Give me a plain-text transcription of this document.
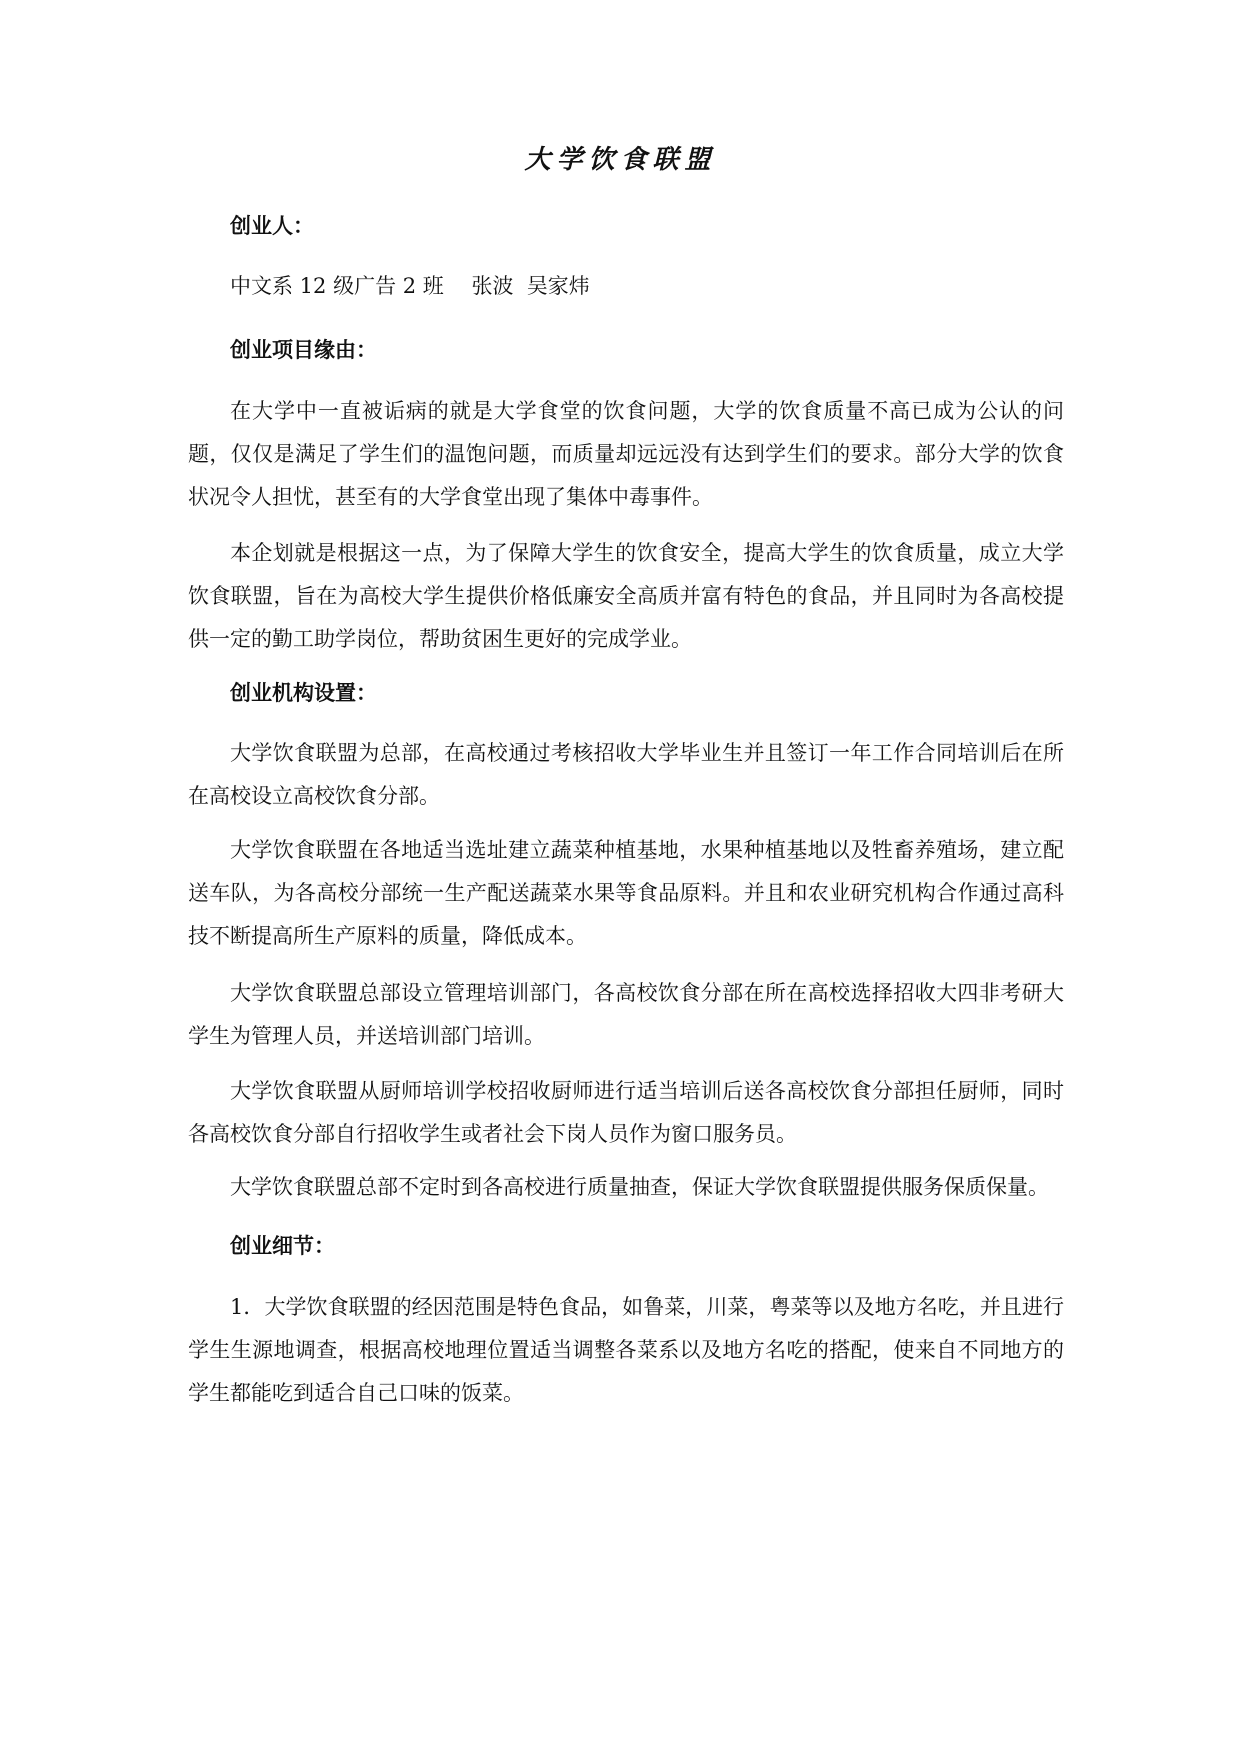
大学饮食联盟
创业人：
中文系 12 级广告 2 班　 张波  吴家炜
创业项目缘由：
在大学中一直被诟病的就是大学食堂的饮食问题，大学的饮食质量不高已成为公认的问题，仅仅是满足了学生们的温饱问题，而质量却远远没有达到学生们的要求。部分大学的饮食状况令人担忧，甚至有的大学食堂出现了集体中毒事件。
本企划就是根据这一点，为了保障大学生的饮食安全，提高大学生的饮食质量，成立大学饮食联盟，旨在为高校大学生提供价格低廉安全高质并富有特色的食品，并且同时为各高校提供一定的勤工助学岗位，帮助贫困生更好的完成学业。
创业机构设置：
大学饮食联盟为总部，在高校通过考核招收大学毕业生并且签订一年工作合同培训后在所在高校设立高校饮食分部。
大学饮食联盟在各地适当选址建立蔬菜种植基地，水果种植基地以及牲畜养殖场，建立配送车队，为各高校分部统一生产配送蔬菜水果等食品原料。并且和农业研究机构合作通过高科技不断提高所生产原料的质量，降低成本。
大学饮食联盟总部设立管理培训部门，各高校饮食分部在所在高校选择招收大四非考研大学生为管理人员，并送培训部门培训。
大学饮食联盟从厨师培训学校招收厨师进行适当培训后送各高校饮食分部担任厨师，同时各高校饮食分部自行招收学生或者社会下岗人员作为窗口服务员。
大学饮食联盟总部不定时到各高校进行质量抽查，保证大学饮食联盟提供服务保质保量。
创业细节：
1．大学饮食联盟的经因范围是特色食品，如鲁菜，川菜，粤菜等以及地方名吃，并且进行学生生源地调查，根据高校地理位置适当调整各菜系以及地方名吃的搭配，使来自不同地方的学生都能吃到适合自己口味的饭菜。
